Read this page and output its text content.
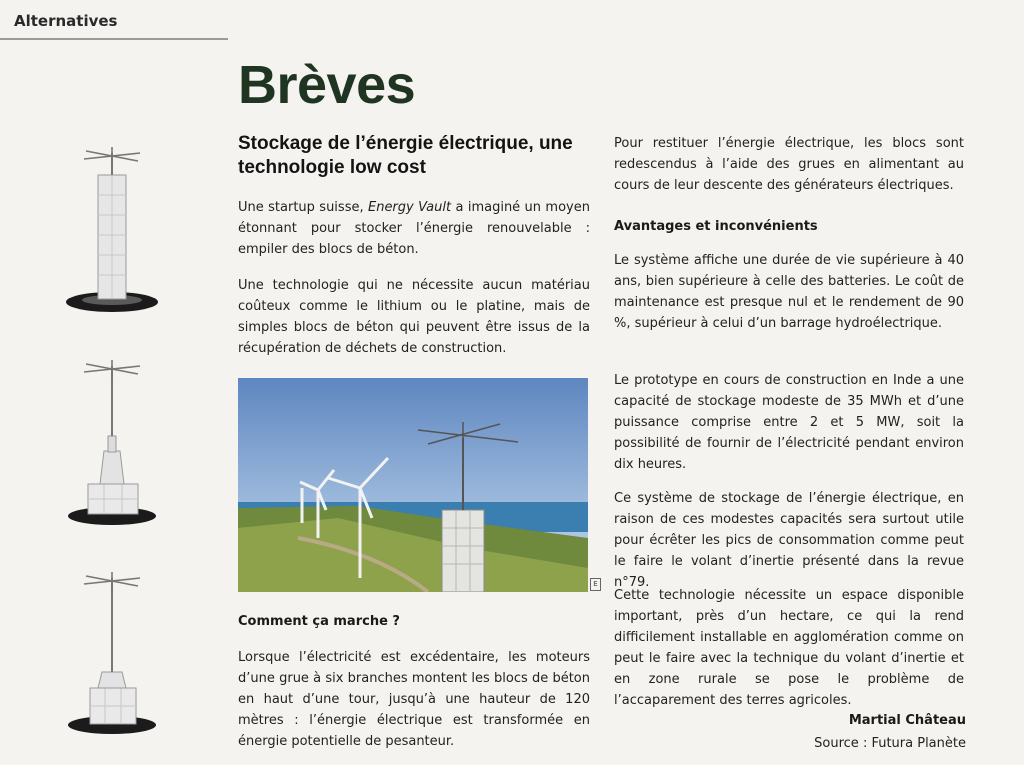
Alternatives
Brèves
Stockage de l’énergie électrique, une technologie low cost

Une startup suisse, Energy Vault a imaginé un moyen étonnant pour stocker l’énergie renouvelable : empiler des blocs de béton.

Une technologie qui ne nécessite aucun matériau coûteux comme le lithium ou le platine, mais de simples blocs de béton qui peuvent être issus de la récupération de déchets de construction.

E

Comment ça marche ?

Lorsque l’électricité est excédentaire, les moteurs d’une grue à six branches montent les blocs de béton en haut d’une tour, jusqu’à une hauteur de 120 mètres : l’énergie électrique est transformée en énergie potentielle de pesanteur.

Pour restituer l’énergie électrique, les blocs sont redescendus à l’aide des grues en alimentant au cours de leur descente des générateurs électriques.

Avantages et inconvénients

Le système affiche une durée de vie supérieure à 40 ans, bien supérieure à celle des batteries. Le coût de maintenance est presque nul et le rendement de 90 %, supérieur à celui d’un barrage hydroélectrique.

Le prototype en cours de construction en Inde a une capacité de stockage modeste de 35 MWh et d’une puissance comprise entre 2 et 5 MW, soit la possibilité de fournir de l’électricité pendant environ dix heures.

Ce système de stockage de l’énergie électrique, en raison de ces modestes capacités sera surtout utile pour écrêter les pics de consommation comme peut le faire le volant d’inertie présenté dans la revue n°79.

Cette technologie nécessite un espace disponible important, près d’un hectare, ce qui la rend difficilement installable en agglomération comme on peut le faire avec la technique du volant d’inertie et en zone rurale se pose le problème de l’accaparement des terres agricoles.

Martial Château
Source : Futura Planète
